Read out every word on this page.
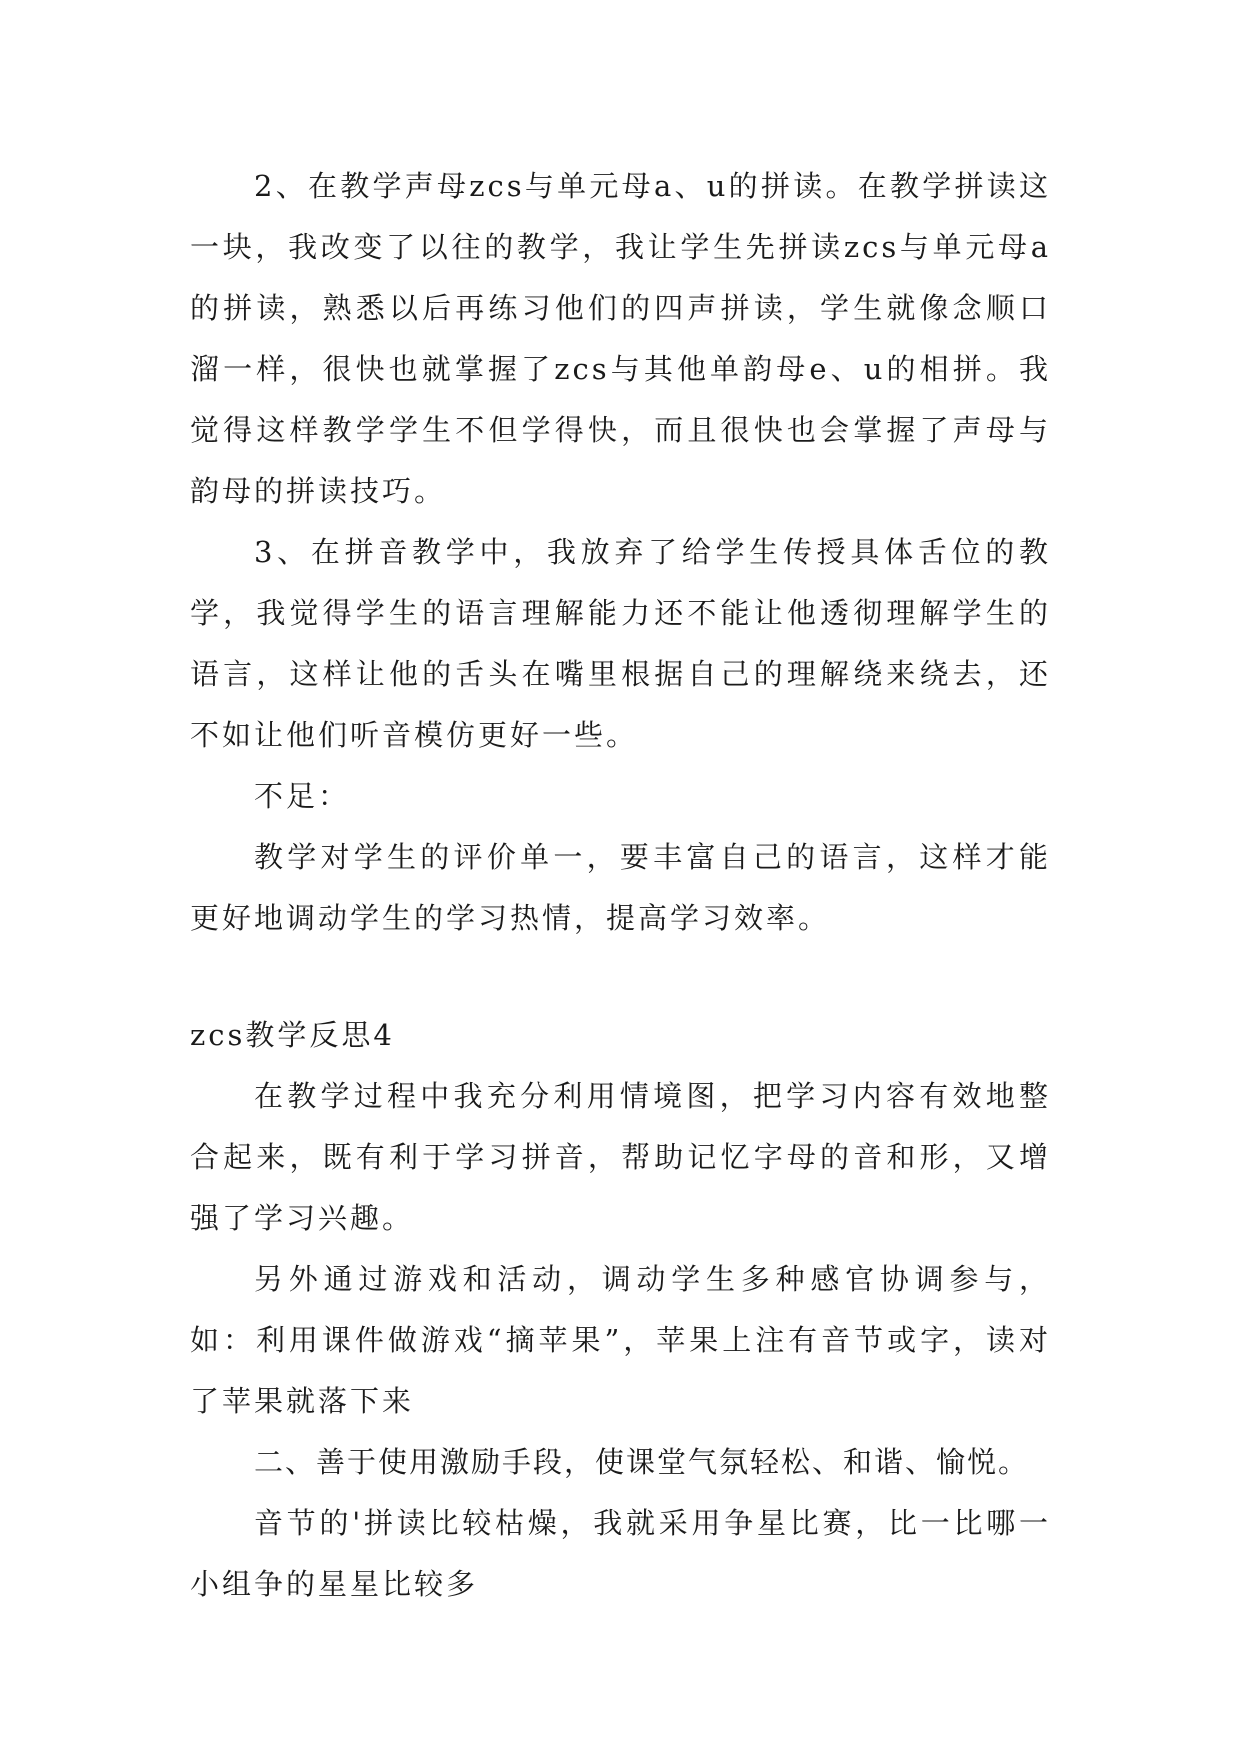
2、在教学声母zcs与单元母a、u的拼读。在教学拼读这一块，我改变了以往的教学，我让学生先拼读zcs与单元母a的拼读，熟悉以后再练习他们的四声拼读，学生就像念顺口溜一样，很快也就掌握了zcs与其他单韵母e、u的相拼。我觉得这样教学学生不但学得快，而且很快也会掌握了声母与韵母的拼读技巧。

3、在拼音教学中，我放弃了给学生传授具体舌位的教学，我觉得学生的语言理解能力还不能让他透彻理解学生的语言，这样让他的舌头在嘴里根据自己的理解绕来绕去，还不如让他们听音模仿更好一些。

不足：

教学对学生的评价单一，要丰富自己的语言，这样才能更好地调动学生的学习热情，提高学习效率。

zcs教学反思4

在教学过程中我充分利用情境图，把学习内容有效地整合起来，既有利于学习拼音，帮助记忆字母的音和形，又增强了学习兴趣。

另外通过游戏和活动，调动学生多种感官协调参与，如：利用课件做游戏“摘苹果”，苹果上注有音节或字，读对了苹果就落下来

二、善于使用激励手段，使课堂气氛轻松、和谐、愉悦。

音节的'拼读比较枯燥，我就采用争星比赛，比一比哪一小组争的星星比较多
